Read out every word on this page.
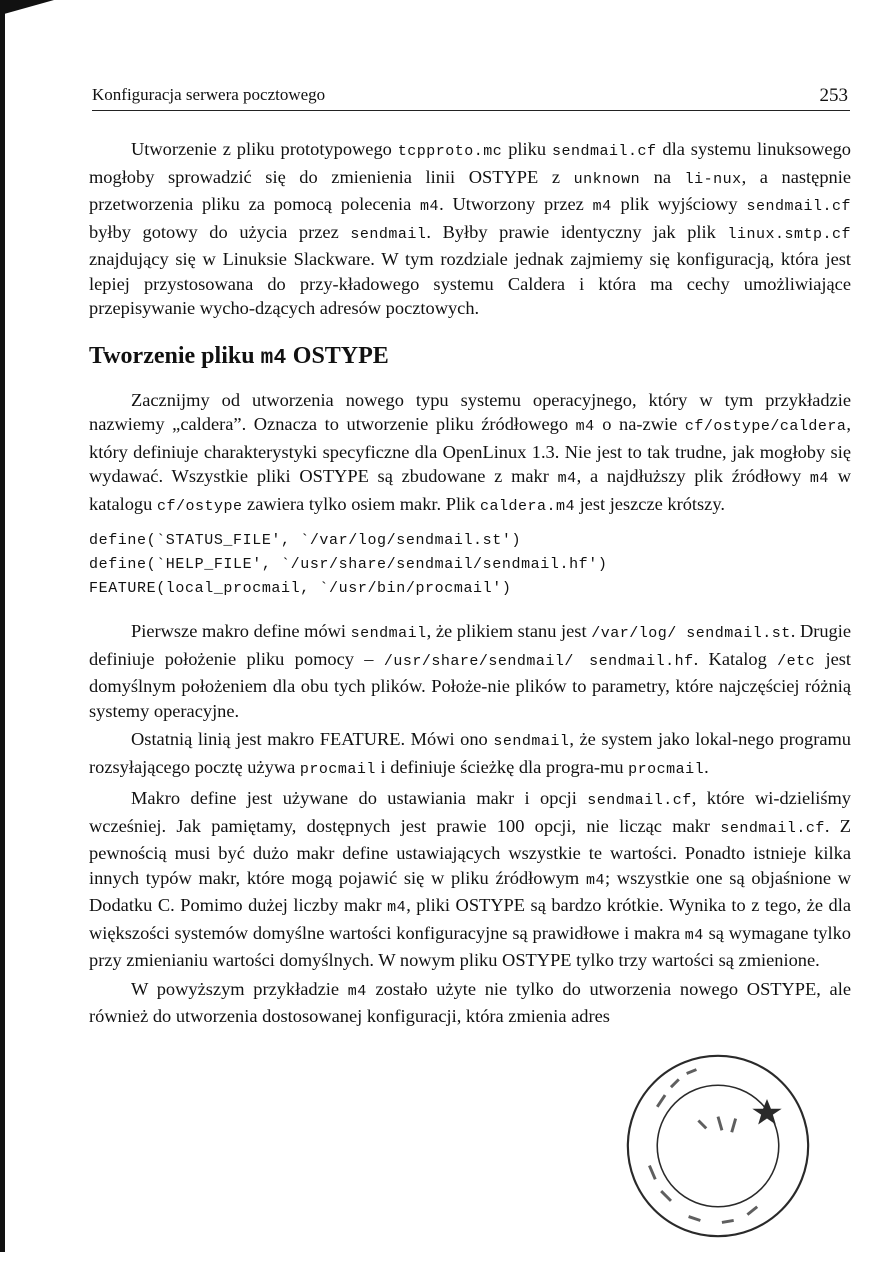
Konfiguracja serwera pocztowego	253

Utworzenie z pliku prototypowego tcpproto.mc pliku sendmail.cf dla systemu linuksowego mogłoby sprowadzić się do zmienienia linii OSTYPE z unknown na li-nux, a następnie przetworzenia pliku za pomocą polecenia m4. Utworzony przez m4 plik wyjściowy sendmail.cf byłby gotowy do użycia przez sendmail. Byłby prawie identyczny jak plik linux.smtp.cf znajdujący się w Linuksie Slackware. W tym rozdziale jednak zajmiemy się konfiguracją, która jest lepiej przystosowana do przy-kładowego systemu Caldera i która ma cechy umożliwiające przepisywanie wycho-dzących adresów pocztowych.

Tworzenie pliku m4 OSTYPE

Zacznijmy od utworzenia nowego typu systemu operacyjnego, który w tym przykładzie nazwiemy „caldera”. Oznacza to utworzenie pliku źródłowego m4 o na-zwie cf/ostype/caldera, który definiuje charakterystyki specyficzne dla OpenLinux 1.3. Nie jest to tak trudne, jak mogłoby się wydawać. Wszystkie pliki OSTYPE są zbudowane z makr m4, a najdłuższy plik źródłowy m4 w katalogu cf/ostype zawiera tylko osiem makr. Plik caldera.m4 jest jeszcze krótszy.

define(`STATUS_FILE', `/var/log/sendmail.st')
define(`HELP_FILE', `/usr/share/sendmail/sendmail.hf')
FEATURE(local_procmail, `/usr/bin/procmail')

Pierwsze makro define mówi sendmail, że plikiem stanu jest /var/log/ sendmail.st. Drugie definiuje położenie pliku pomocy – /usr/share/sendmail/ sendmail.hf. Katalog /etc jest domyślnym położeniem dla obu tych plików. Położe-nie plików to parametry, które najczęściej różnią systemy operacyjne.

Ostatnią linią jest makro FEATURE. Mówi ono sendmail, że system jako lokal-nego programu rozsyłającego pocztę używa procmail i definiuje ścieżkę dla progra-mu procmail.

Makro define jest używane do ustawiania makr i opcji sendmail.cf, które wi-dzieliśmy wcześniej. Jak pamiętamy, dostępnych jest prawie 100 opcji, nie licząc makr sendmail.cf. Z pewnością musi być dużo makr define ustawiających wszystkie te wartości. Ponadto istnieje kilka innych typów makr, które mogą pojawić się w pliku źródłowym m4; wszystkie one są objaśnione w Dodatku C. Pomimo dużej liczby makr m4, pliki OSTYPE są bardzo krótkie. Wynika to z tego, że dla większości systemów domyślne wartości konfiguracyjne są prawidłowe i makra m4 są wymagane tylko przy zmienianiu wartości domyślnych. W nowym pliku OSTYPE tylko trzy wartości są zmienione.

W powyższym przykładzie m4 zostało użyte nie tylko do utworzenia nowego OSTYPE, ale również do utworzenia dostosowanej konfiguracji, która zmienia adres
